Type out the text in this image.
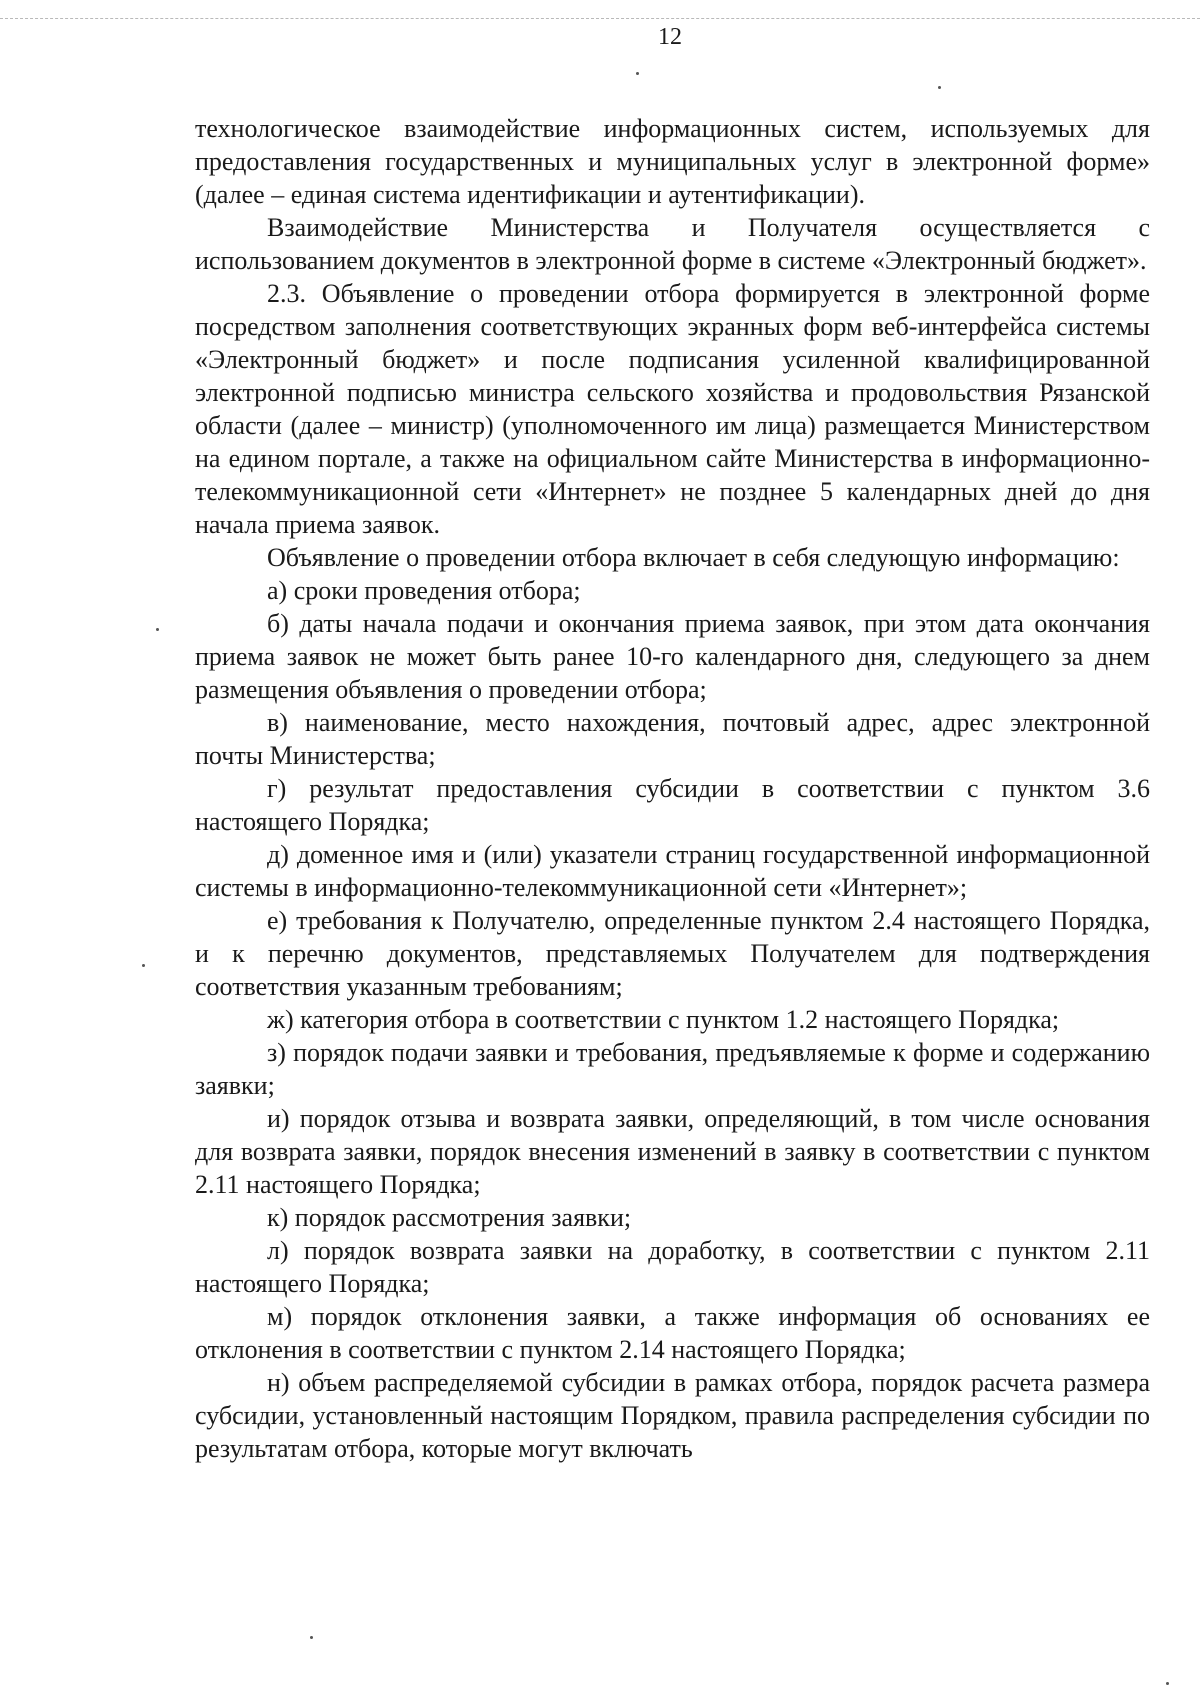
12

технологическое взаимодействие информационных систем, используемых для предоставления государственных и муниципальных услуг в электронной форме» (далее – единая система идентификации и аутентификации).

Взаимодействие Министерства и Получателя осуществляется с использованием документов в электронной форме в системе «Электронный бюджет».

2.3. Объявление о проведении отбора формируется в электронной форме посредством заполнения соответствующих экранных форм веб-интерфейса системы «Электронный бюджет» и после подписания усиленной квалифицированной электронной подписью министра сельского хозяйства и продовольствия Рязанской области (далее – министр) (уполномоченного им лица) размещается Министерством на едином портале, а также на официальном сайте Министерства в информационно-телекоммуникационной сети «Интернет» не позднее 5 календарных дней до дня начала приема заявок.

Объявление о проведении отбора включает в себя следующую информацию:

а) сроки проведения отбора;

б) даты начала подачи и окончания приема заявок, при этом дата окончания приема заявок не может быть ранее 10-го календарного дня, следующего за днем размещения объявления о проведении отбора;

в) наименование, место нахождения, почтовый адрес, адрес электронной почты Министерства;

г) результат предоставления субсидии в соответствии с пунктом 3.6 настоящего Порядка;

д) доменное имя и (или) указатели страниц государственной информационной системы в информационно-телекоммуникационной сети «Интернет»;

е) требования к Получателю, определенные пунктом 2.4 настоящего Порядка, и к перечню документов, представляемых Получателем для подтверждения соответствия указанным требованиям;

ж) категория отбора в соответствии с пунктом 1.2 настоящего Порядка;

з) порядок подачи заявки и требования, предъявляемые к форме и содержанию заявки;

и) порядок отзыва и возврата заявки, определяющий, в том числе основания для возврата заявки, порядок внесения изменений в заявку в соответствии с пунктом 2.11 настоящего Порядка;

к) порядок рассмотрения заявки;

л) порядок возврата заявки на доработку, в соответствии с пунктом 2.11 настоящего Порядка;

м) порядок отклонения заявки, а также информация об основаниях ее отклонения в соответствии с пунктом 2.14 настоящего Порядка;

н) объем распределяемой субсидии в рамках отбора, порядок расчета размера субсидии, установленный настоящим Порядком, правила распределения субсидии по результатам отбора, которые могут включать
